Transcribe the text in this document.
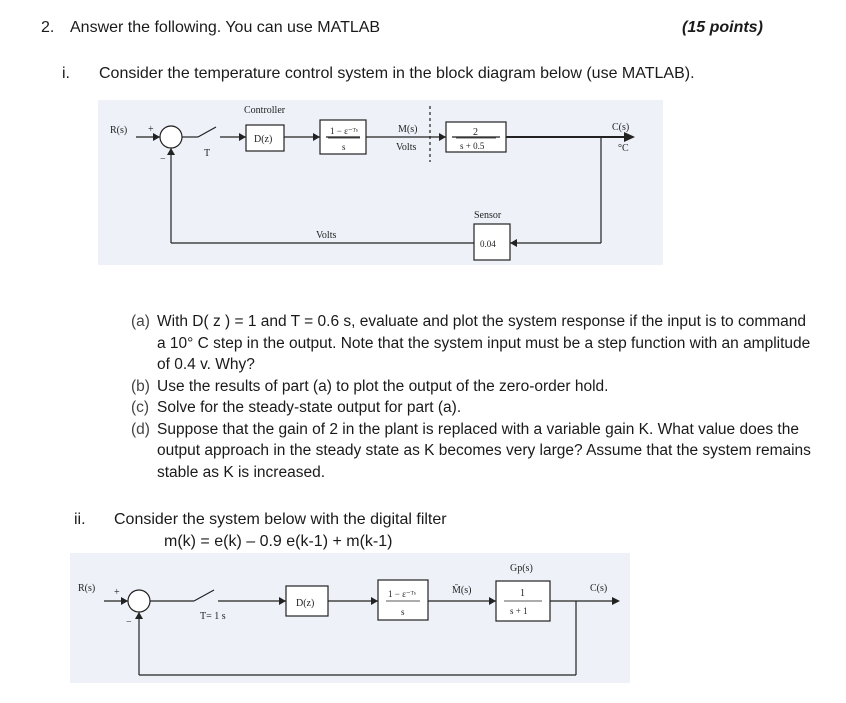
2. Answer the following. You can use MATLAB	(15 points)
i. Consider the temperature control system in the block diagram below (use MATLAB).
R(s) +
−
T
Controller
D(z)
1 − ε⁻ᵀˢ
s
M(s)
Volts
2
s + 0.5
C(s)
°C
Sensor
0.04
Volts
(a) With D( z ) = 1 and T = 0.6 s, evaluate and plot the system response if the input is to command a 10° C step in the output. Note that the system input must be a step function with an amplitude of 0.4 v. Why?
(b) Use the results of part (a) to plot the output of the zero-order hold.
(c) Solve for the steady-state output for part (a).
(d) Suppose that the gain of 2 in the plant is replaced with a variable gain K. What value does the output approach in the steady state as K becomes very large? Assume that the system remains stable as K is increased.
ii. Consider the system below with the digital filter
m(k) = e(k) – 0.9 e(k-1) + m(k-1)
R(s) +
−
T= 1 s
D(z)
1 − ε⁻ᵀˢ
s
M̄(s)
Gp(s)
1
s + 1
C(s)
